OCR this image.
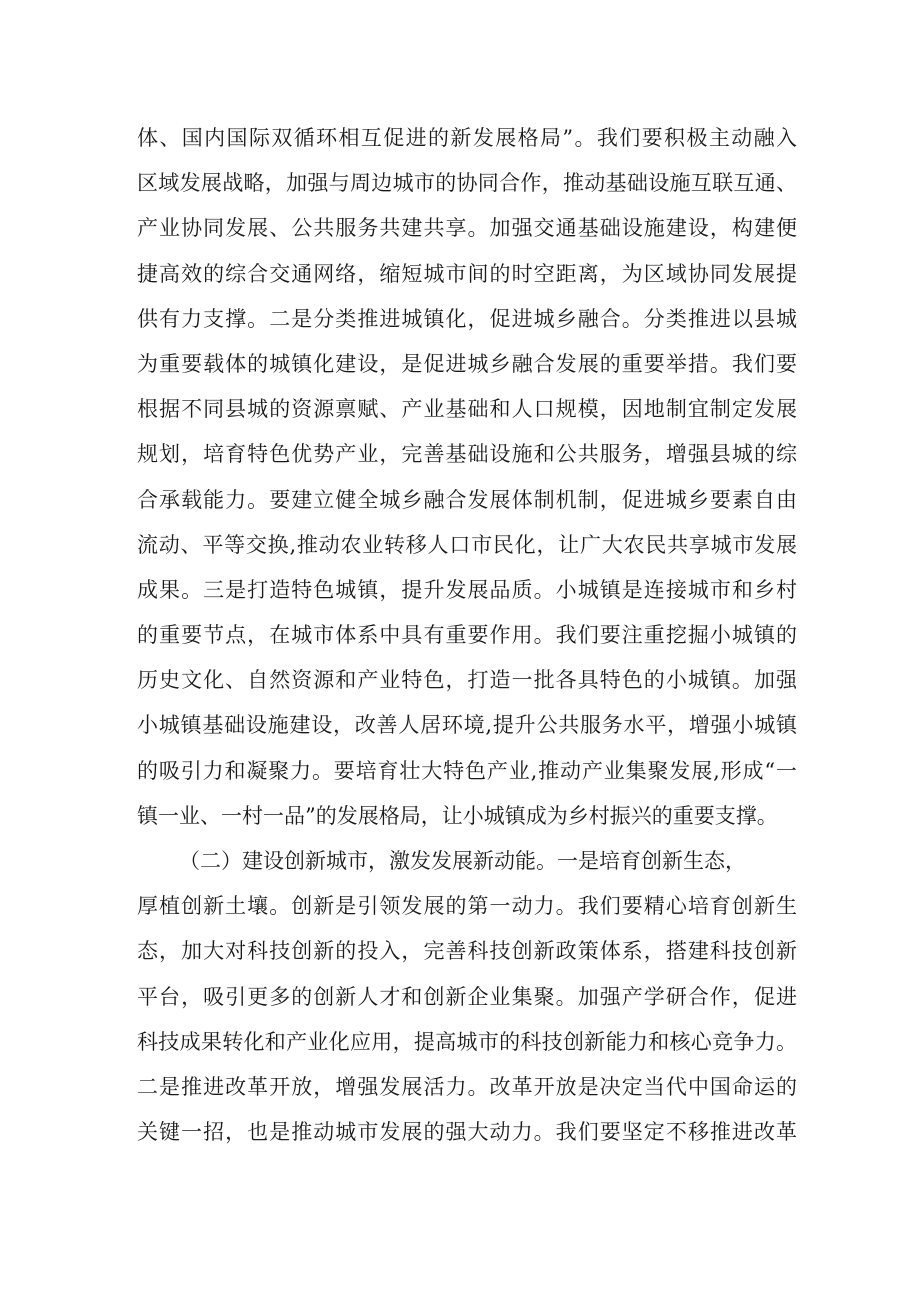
体、国内国际双循环相互促进的新发展格局”。我们要积极主动融入
区域发展战略，加强与周边城市的协同合作，推动基础设施互联互通、
产业协同发展、公共服务共建共享。加强交通基础设施建设，构建便
捷高效的综合交通网络，缩短城市间的时空距离，为区域协同发展提
供有力支撑。二是分类推进城镇化，促进城乡融合。分类推进以县城
为重要载体的城镇化建设，是促进城乡融合发展的重要举措。我们要
根据不同县城的资源禀赋、产业基础和人口规模，因地制宜制定发展
规划，培育特色优势产业，完善基础设施和公共服务，增强县城的综
合承载能力。要建立健全城乡融合发展体制机制，促进城乡要素自由
流动、平等交换,推动农业转移人口市民化，让广大农民共享城市发展
成果。三是打造特色城镇，提升发展品质。小城镇是连接城市和乡村
的重要节点，在城市体系中具有重要作用。我们要注重挖掘小城镇的
历史文化、自然资源和产业特色，打造一批各具特色的小城镇。加强
小城镇基础设施建设，改善人居环境,提升公共服务水平，增强小城镇
的吸引力和凝聚力。要培育壮大特色产业,推动产业集聚发展,形成“一
镇一业、一村一品”的发展格局，让小城镇成为乡村振兴的重要支撑。
（二）建设创新城市，激发发展新动能。一是培育创新生态，
厚植创新土壤。创新是引领发展的第一动力。我们要精心培育创新生
态，加大对科技创新的投入，完善科技创新政策体系，搭建科技创新
平台，吸引更多的创新人才和创新企业集聚。加强产学研合作，促进
科技成果转化和产业化应用，提高城市的科技创新能力和核心竞争力。
二是推进改革开放，增强发展活力。改革开放是决定当代中国命运的
关键一招，也是推动城市发展的强大动力。我们要坚定不移推进改革
